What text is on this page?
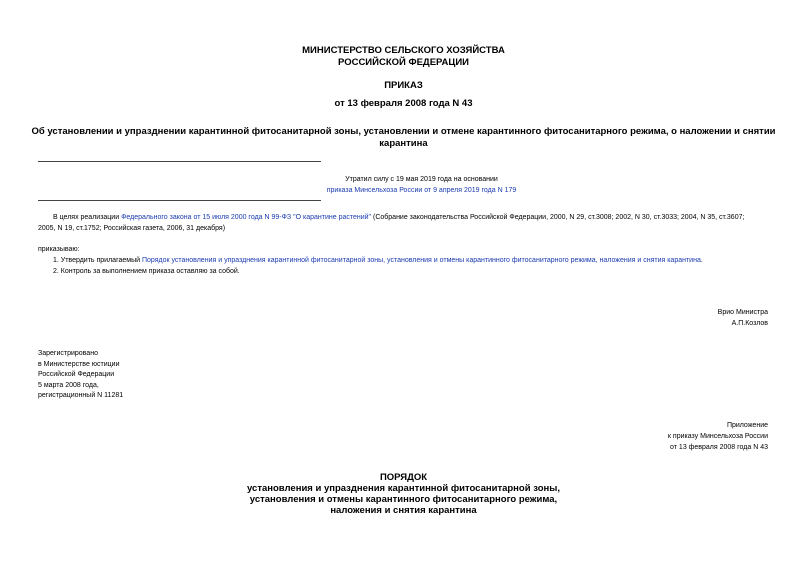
МИНИСТЕРСТВО СЕЛЬСКОГО ХОЗЯЙСТВА
РОССИЙСКОЙ ФЕДЕРАЦИИ
ПРИКАЗ
от 13 февраля 2008 года N 43
Об установлении и упразднении карантинной фитосанитарной зоны, установлении и отмене карантинного фитосанитарного режима, о наложении и снятии
карантина
Утратил силу с 19 мая 2019 года на основании
приказа Минсельхоза России от 9 апреля 2019 года N 179
В целях реализации Федерального закона от 15 июля 2000 года N 99-ФЗ "О карантине растений" (Собрание законодательства Российской Федерации, 2000, N 29, ст.3008; 2002, N 30, ст.3033; 2004, N 35, ст.3607;
2005, N 19, ст.1752; Российская газета, 2006, 31 декабря)
приказываю:
1. Утвердить прилагаемый Порядок установления и упразднения карантинной фитосанитарной зоны, установления и отмены карантинного фитосанитарного режима, наложения и снятия карантина.
2. Контроль за выполнением приказа оставляю за собой.
Врио Министра
А.П.Козлов
Зарегистрировано
в Министерстве юстиции
Российской Федерации
5 марта 2008 года,
регистрационный N 11281
Приложение
к приказу Минсельхоза России
от 13 февраля 2008 года N 43
ПОРЯДОК
установления и упразднения карантинной фитосанитарной зоны,
установления и отмены карантинного фитосанитарного режима,
наложения и снятия карантина
